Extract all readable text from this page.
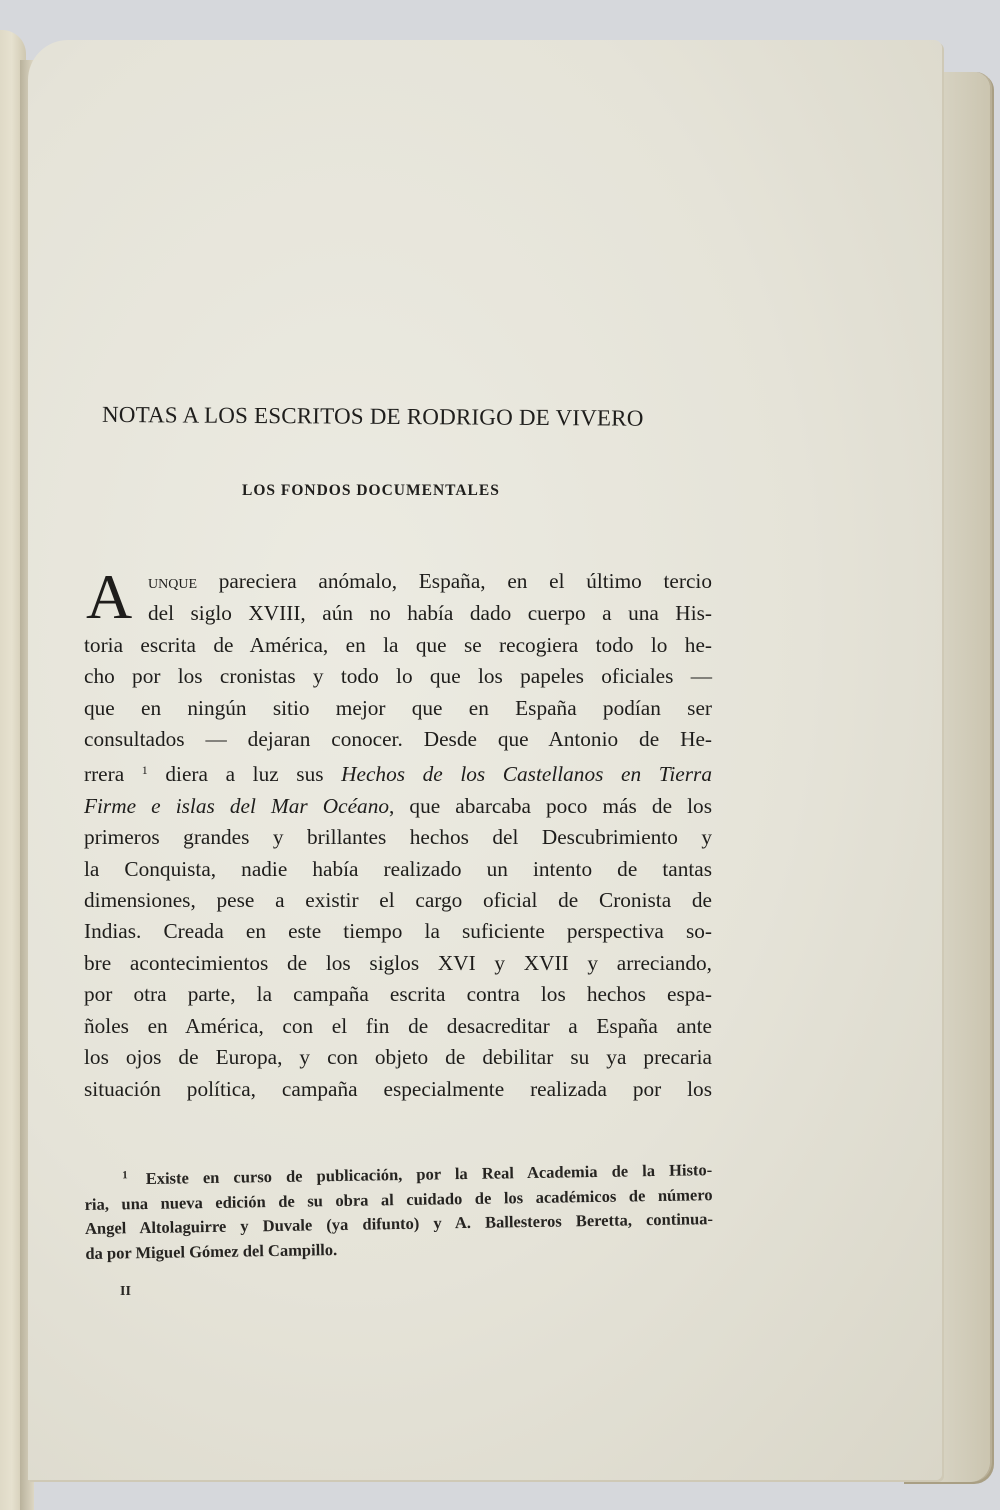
NOTAS A LOS ESCRITOS DE RODRIGO DE VIVERO
LOS FONDOS DOCUMENTALES
A unque pareciera anómalo, España, en el último tercio
del siglo XVIII, aún no había dado cuerpo a una His-
toria escrita de América, en la que se recogiera todo lo he-
cho por los cronistas y todo lo que los papeles oficiales —
que en ningún sitio mejor que en España podían ser
consultados — dejaran conocer. Desde que Antonio de He-
rrera $^1$ diera a luz sus Hechos de los Castellanos en Tierra
Firme e islas del Mar Océano, que abarcaba poco más de los
primeros grandes y brillantes hechos del Descubrimiento y
la Conquista, nadie había realizado un intento de tantas
dimensiones, pese a existir el cargo oficial de Cronista de
Indias. Creada en este tiempo la suficiente perspectiva so-
bre acontecimientos de los siglos XVI y XVII y arreciando,
por otra parte, la campaña escrita contra los hechos espa-
ñoles en América, con el fin de desacreditar a España ante
los ojos de Europa, y con objeto de debilitar su ya precaria
situación política, campaña especialmente realizada por los
$^1$ Existe en curso de publicación, por la Real Academia de la Histo-
ria, una nueva edición de su obra al cuidado de los académicos de número
Angel Altolaguirre y Duvale (ya difunto) y A. Ballesteros Beretta, continua-
da por Miguel Gómez del Campillo.
II
